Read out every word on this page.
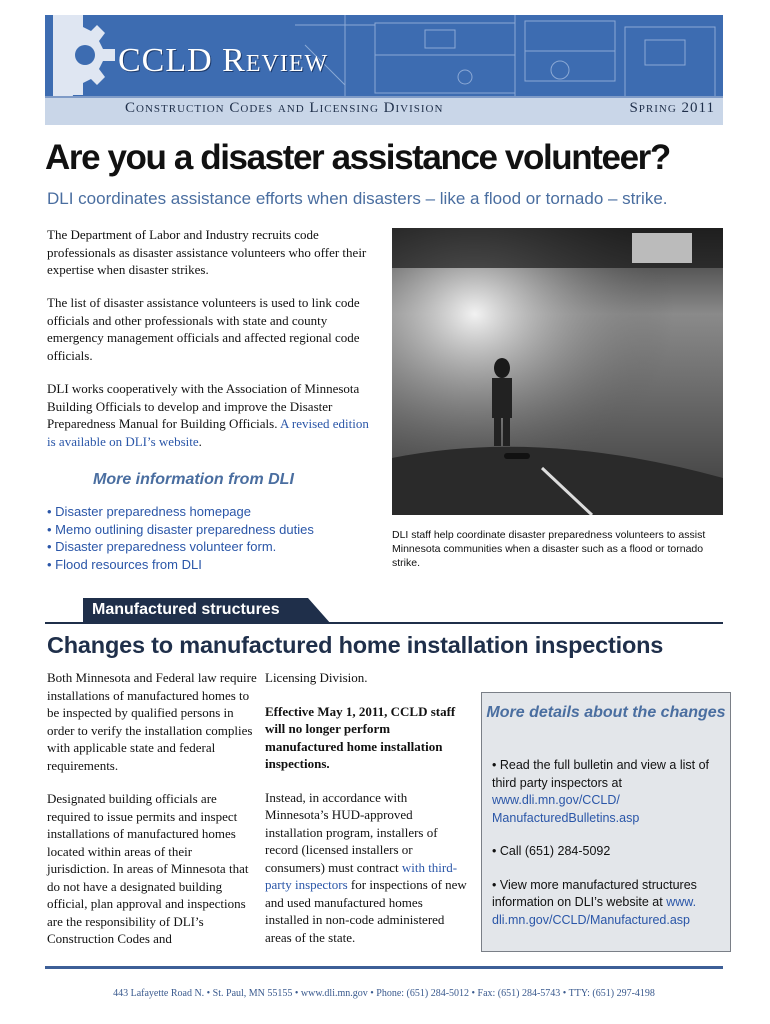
CCLD Review
Construction Codes and Licensing Division	Spring 2011
Are you a disaster assistance volunteer?
DLI coordinates assistance efforts when disasters – like a flood or tornado – strike.
The Department of Labor and Industry recruits code professionals as disaster assistance volunteers who offer their expertise when disaster strikes.
The list of disaster assistance volunteers is used to link code officials and other professionals with state and county emergency management officials and affected regional code officials.
DLI works cooperatively with the Association of Minnesota Building Officials to develop and improve the Disaster Preparedness Manual for Building Officials. A revised edition is available on DLI’s website.
DLI staff help coordinate disaster preparedness volunteers to assist Minnesota communities when a disaster such as a flood or tornado strike.
More information from DLI
• Disaster preparedness homepage
• Memo outlining disaster preparedness duties
• Disaster preparedness volunteer form.
• Flood resources from DLI
Manufactured structures
Changes to manufactured home installation inspections

Both Minnesota and Federal law require installations of manufactured homes to be inspected by qualified persons in order to verify the installation complies with applicable state and federal requirements.

Designated building officials are required to issue permits and inspect installations of manufactured homes located within areas of their jurisdiction. In areas of Minnesota that do not have a designated building official, plan approval and inspections are the responsibility of DLI’s Construction Codes and

Licensing Division.

Effective May 1, 2011, CCLD staff will no longer perform manufactured home installation inspections.

Instead, in accordance with Minnesota’s HUD-approved installation program, installers of record (licensed installers or consumers) must contract with third-party inspectors for inspections of new and used manufactured homes installed in non-code administered areas of the state.

More details about the changes
• Read the full bulletin and view a list of third party inspectors at www.dli.mn.gov/CCLD/ ManufacturedBulletins.asp
• Call (651) 284-5092
• View more manufactured structures information on DLI’s website at www. dli.mn.gov/CCLD/Manufactured.asp
443 Lafayette Road N. • St. Paul, MN 55155 • www.dli.mn.gov • Phone: (651) 284-5012 • Fax: (651) 284-5743 • TTY: (651) 297-4198
